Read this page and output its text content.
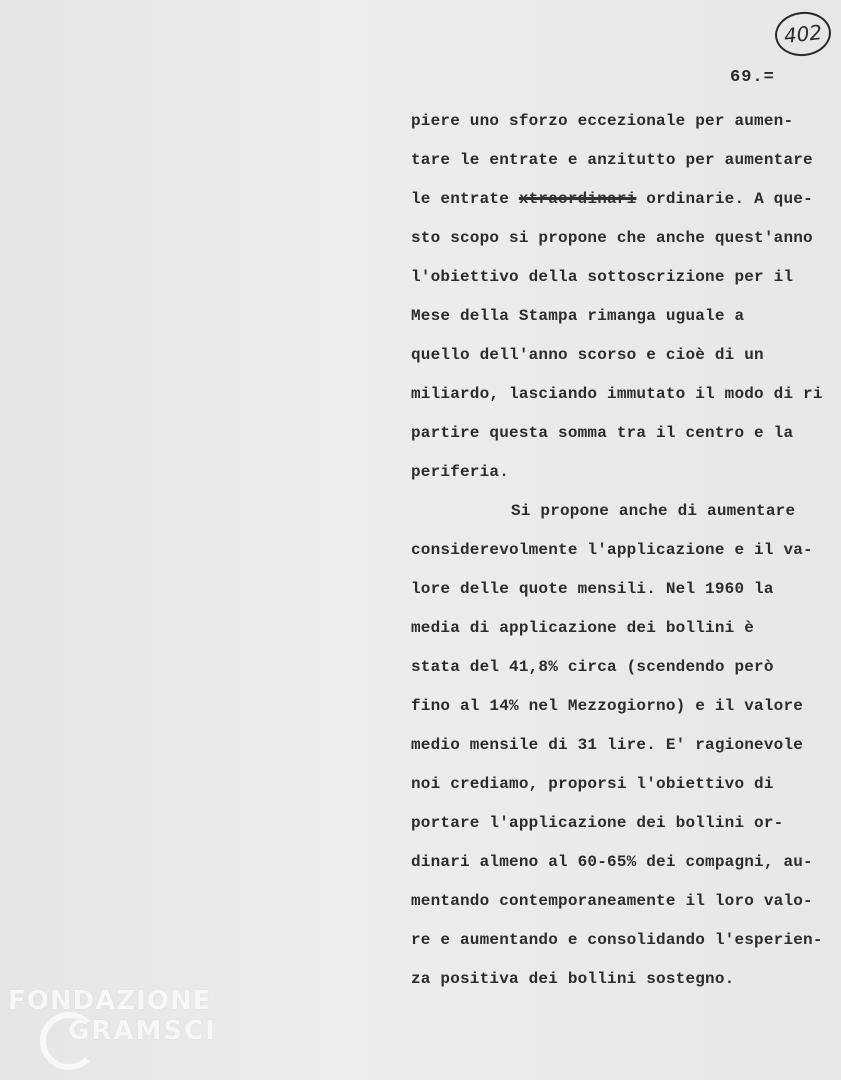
402
69.=
piere uno sforzo eccezionale per aumen-
tare le entrate e anzitutto per aumentare
le entrate xtraordinari ordinarie. A que-
sto scopo si propone che anche quest'anno
l'obiettivo della sottoscrizione per il
Mese della Stampa rimanga uguale a
quello dell'anno scorso e cioè di un
miliardo, lasciando immutato il modo di ri
partire questa somma tra il centro e la
periferia.
Si propone anche di aumentare
considerevolmente l'applicazione e il va-
lore delle quote mensili. Nel 1960 la
media di applicazione dei bollini è
stata del 41,8% circa (scendendo però
fino al 14% nel Mezzogiorno) e il valore
medio mensile di 31 lire. E' ragionevole
noi crediamo, proporsi l'obiettivo di
portare l'applicazione dei bollini or-
dinari almeno al 60-65% dei compagni, au-
mentando contemporaneamente il loro valo-
re e aumentando e consolidando l'esperien-
za positiva dei bollini sostegno.
FONDAZIONE
GRAMSCI
